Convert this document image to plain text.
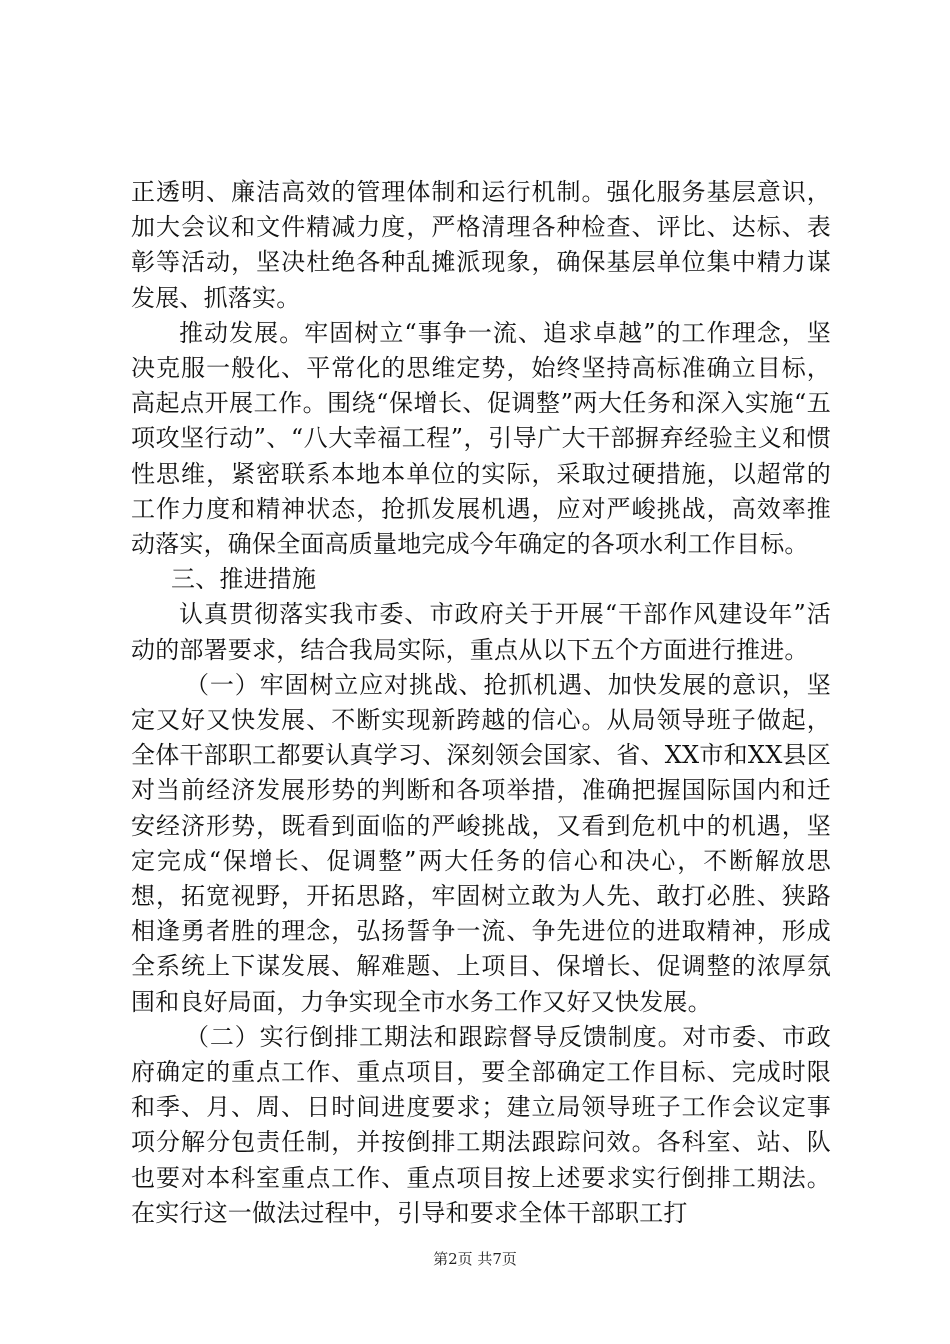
正透明、廉洁高效的管理体制和运行机制。强化服务基层意识，加大会议和文件精减力度，严格清理各种检查、评比、达标、表彰等活动，坚决杜绝各种乱摊派现象，确保基层单位集中精力谋发展、抓落实。

推动发展。牢固树立“事争一流、追求卓越”的工作理念，坚决克服一般化、平常化的思维定势，始终坚持高标准确立目标，高起点开展工作。围绕“保增长、促调整”两大任务和深入实施“五项攻坚行动”、“八大幸福工程”，引导广大干部摒弃经验主义和惯性思维，紧密联系本地本单位的实际，采取过硬措施，以超常的工作力度和精神状态，抢抓发展机遇，应对严峻挑战，高效率推动落实，确保全面高质量地完成今年确定的各项水利工作目标。

三、推进措施

认真贯彻落实我市委、市政府关于开展“干部作风建设年”活动的部署要求，结合我局实际，重点从以下五个方面进行推进。

（一）牢固树立应对挑战、抢抓机遇、加快发展的意识，坚定又好又快发展、不断实现新跨越的信心。从局领导班子做起，全体干部职工都要认真学习、深刻领会国家、省、XX市和XX县区对当前经济发展形势的判断和各项举措，准确把握国际国内和迁安经济形势，既看到面临的严峻挑战，又看到危机中的机遇，坚定完成“保增长、促调整”两大任务的信心和决心，不断解放思想，拓宽视野，开拓思路，牢固树立敢为人先、敢打必胜、狭路相逢勇者胜的理念，弘扬誓争一流、争先进位的进取精神，形成全系统上下谋发展、解难题、上项目、保增长、促调整的浓厚氛围和良好局面，力争实现全市水务工作又好又快发展。

（二）实行倒排工期法和跟踪督导反馈制度。对市委、市政府确定的重点工作、重点项目，要全部确定工作目标、完成时限和季、月、周、日时间进度要求；建立局领导班子工作会议定事项分解分包责任制，并按倒排工期法跟踪问效。各科室、站、队也要对本科室重点工作、重点项目按上述要求实行倒排工期法。在实行这一做法过程中，引导和要求全体干部职工打

第2页 共7页
